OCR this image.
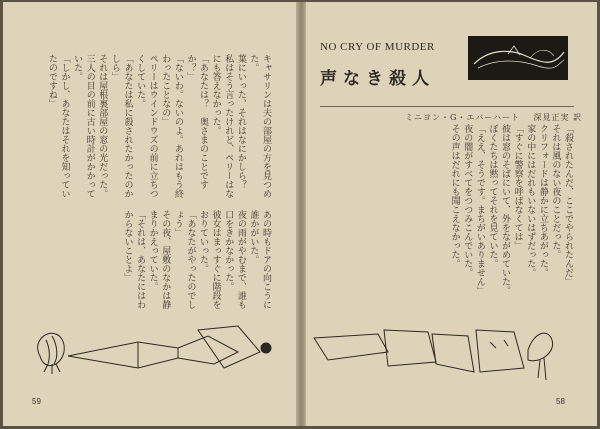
キャサリンは夫の部屋の方を見つめた。

葉にいった、それはなにかしら？

私はそう言ったけれど、ペリーはなにも答えなかった。

「あなたは？　奥さまのことですか？」

「ないわ。ないのよ。あれはもう終わったことなの」

ペリーはウインドウズの前に立ちつくしていた。

「あなたは私に殺されたかったのかしら」

それは屋根裏部屋の窓の光だった。

三人の目の前に古い時計がかかっていた。

「しかし、あなたはそれを知っていたのですね」

あの時もドアの向こうに誰かがいた。

夜の雨がやむまで、誰も口をきかなかった。

彼女はまっすぐに階段をおりていった。

「あなたがやったのでしょう」

その夜、屋敷のなかは静まりかえっていた。

「それは、あなたにはわからないことよ」

NO CRY OF MURDER
声なき殺人
ミニヨン・G・エバーハート 深見正実 訳

「殺されたんだ、ここでやられたんだ」

それは風のない夜のことだった。

クリフォードは静かに立ちあがった。

家の中にはだれもいないはずだった。

「すぐに警察を呼ばなくては」

彼は窓のそばにいて、外をながめていた。

ぼくたちは黙ってそれを見ていた。

「ええ、そうです。まちがいありません」

夜の闇がすべてをつつみこんでいた。

その声はだれにも聞こえなかった。

59	58
